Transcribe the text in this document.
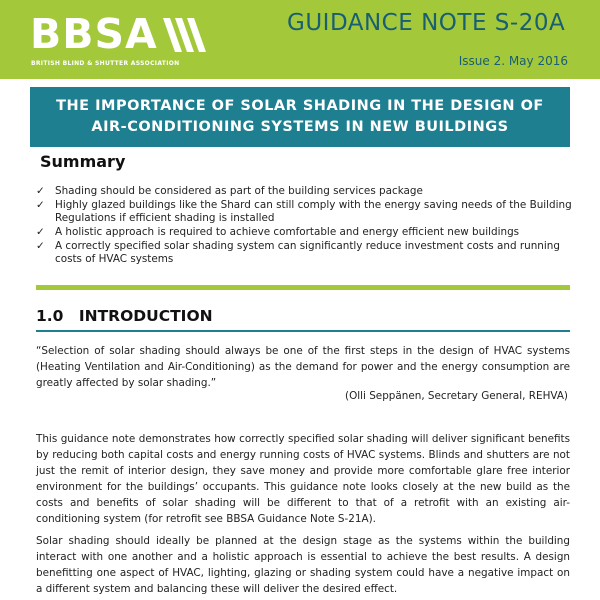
BBSA
BRITISH BLIND & SHUTTER ASSOCIATION
GUIDANCE NOTE S-20A
Issue 2. May 2016
THE IMPORTANCE OF SOLAR SHADING IN THE DESIGN OF
AIR-CONDITIONING SYSTEMS IN NEW BUILDINGS
Summary
✓ Shading should be considered as part of the building services package
✓ Highly glazed buildings like the Shard can still comply with the energy saving needs of the Building Regulations if efficient shading is installed
✓ A holistic approach is required to achieve comfortable and energy efficient new buildings
✓ A correctly specified solar shading system can significantly reduce investment costs and running costs of HVAC systems
1.0 INTRODUCTION

“Selection of solar shading should always be one of the first steps in the design of HVAC systems (Heating Ventilation and Air-Conditioning) as the demand for power and the energy consumption are greatly affected by solar shading.”

(Olli Seppänen, Secretary General, REHVA)

This guidance note demonstrates how correctly specified solar shading will deliver significant benefits by reducing both capital costs and energy running costs of HVAC systems. Blinds and shutters are not just the remit of interior design, they save money and provide more comfortable glare free interior environment for the buildings’ occupants. This guidance note looks closely at the new build as the costs and benefits of solar shading will be different to that of a retrofit with an existing air-conditioning system (for retrofit see BBSA Guidance Note S-21A).

Solar shading should ideally be planned at the design stage as the systems within the building interact with one another and a holistic approach is essential to achieve the best results. A design benefitting one aspect of HVAC, lighting, glazing or shading system could have a negative impact on a different system and balancing these will deliver the desired effect.
